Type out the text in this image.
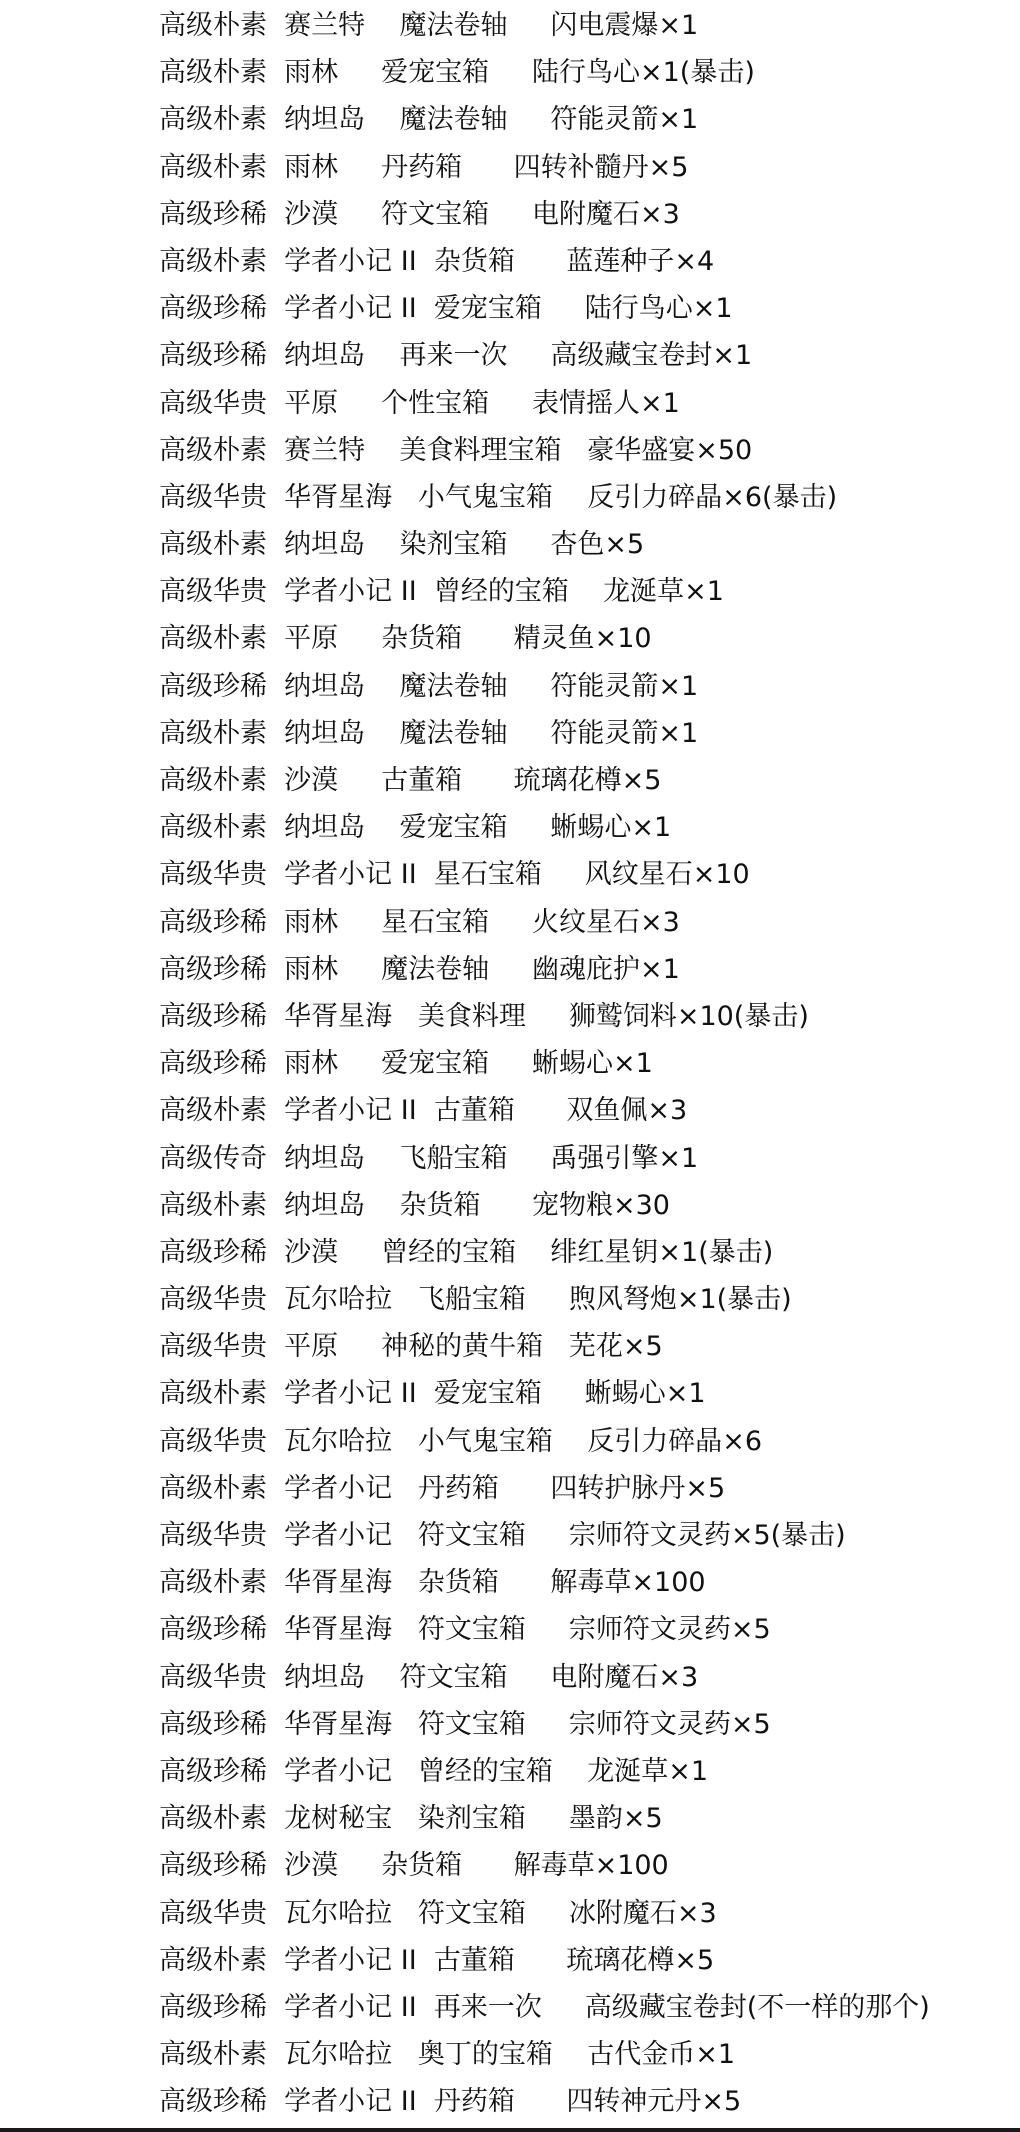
高级朴素  赛兰特    魔法卷轴     闪电震爆×1
高级朴素  雨林     爱宠宝箱     陆行鸟心×1(暴击)
高级朴素  纳坦岛    魔法卷轴     符能灵箭×1
高级朴素  雨林     丹药箱      四转补髓丹×5
高级珍稀  沙漠     符文宝箱     电附魔石×3
高级朴素  学者小记 II  杂货箱      蓝莲种子×4
高级珍稀  学者小记 II  爱宠宝箱     陆行鸟心×1
高级珍稀  纳坦岛    再来一次     高级藏宝卷封×1
高级华贵  平原     个性宝箱     表情摇人×1
高级朴素  赛兰特    美食料理宝箱   豪华盛宴×50
高级华贵  华胥星海   小气鬼宝箱    反引力碎晶×6(暴击)
高级朴素  纳坦岛    染剂宝箱     杏色×5
高级华贵  学者小记 II  曾经的宝箱    龙涎草×1
高级朴素  平原     杂货箱      精灵鱼×10
高级珍稀  纳坦岛    魔法卷轴     符能灵箭×1
高级朴素  纳坦岛    魔法卷轴     符能灵箭×1
高级朴素  沙漠     古董箱      琉璃花樽×5
高级朴素  纳坦岛    爱宠宝箱     蜥蜴心×1
高级华贵  学者小记 II  星石宝箱     风纹星石×10
高级珍稀  雨林     星石宝箱     火纹星石×3
高级珍稀  雨林     魔法卷轴     幽魂庇护×1
高级珍稀  华胥星海   美食料理     狮鹫饲料×10(暴击)
高级珍稀  雨林     爱宠宝箱     蜥蜴心×1
高级朴素  学者小记 II  古董箱      双鱼佩×3
高级传奇  纳坦岛    飞船宝箱     禹强引擎×1
高级朴素  纳坦岛    杂货箱      宠物粮×30
高级珍稀  沙漠     曾经的宝箱    绯红星钥×1(暴击)
高级华贵  瓦尔哈拉   飞船宝箱     煦风弩炮×1(暴击)
高级华贵  平原     神秘的黄牛箱   芜花×5
高级朴素  学者小记 II  爱宠宝箱     蜥蜴心×1
高级华贵  瓦尔哈拉   小气鬼宝箱    反引力碎晶×6
高级朴素  学者小记   丹药箱      四转护脉丹×5
高级华贵  学者小记   符文宝箱     宗师符文灵药×5(暴击)
高级朴素  华胥星海   杂货箱      解毒草×100
高级珍稀  华胥星海   符文宝箱     宗师符文灵药×5
高级华贵  纳坦岛    符文宝箱     电附魔石×3
高级珍稀  华胥星海   符文宝箱     宗师符文灵药×5
高级珍稀  学者小记   曾经的宝箱    龙涎草×1
高级朴素  龙树秘宝   染剂宝箱     墨韵×5
高级珍稀  沙漠     杂货箱      解毒草×100
高级华贵  瓦尔哈拉   符文宝箱     冰附魔石×3
高级朴素  学者小记 II  古董箱      琉璃花樽×5
高级珍稀  学者小记 II  再来一次     高级藏宝卷封(不一样的那个)
高级朴素  瓦尔哈拉   奥丁的宝箱    古代金币×1
高级珍稀  学者小记 II  丹药箱      四转神元丹×5
